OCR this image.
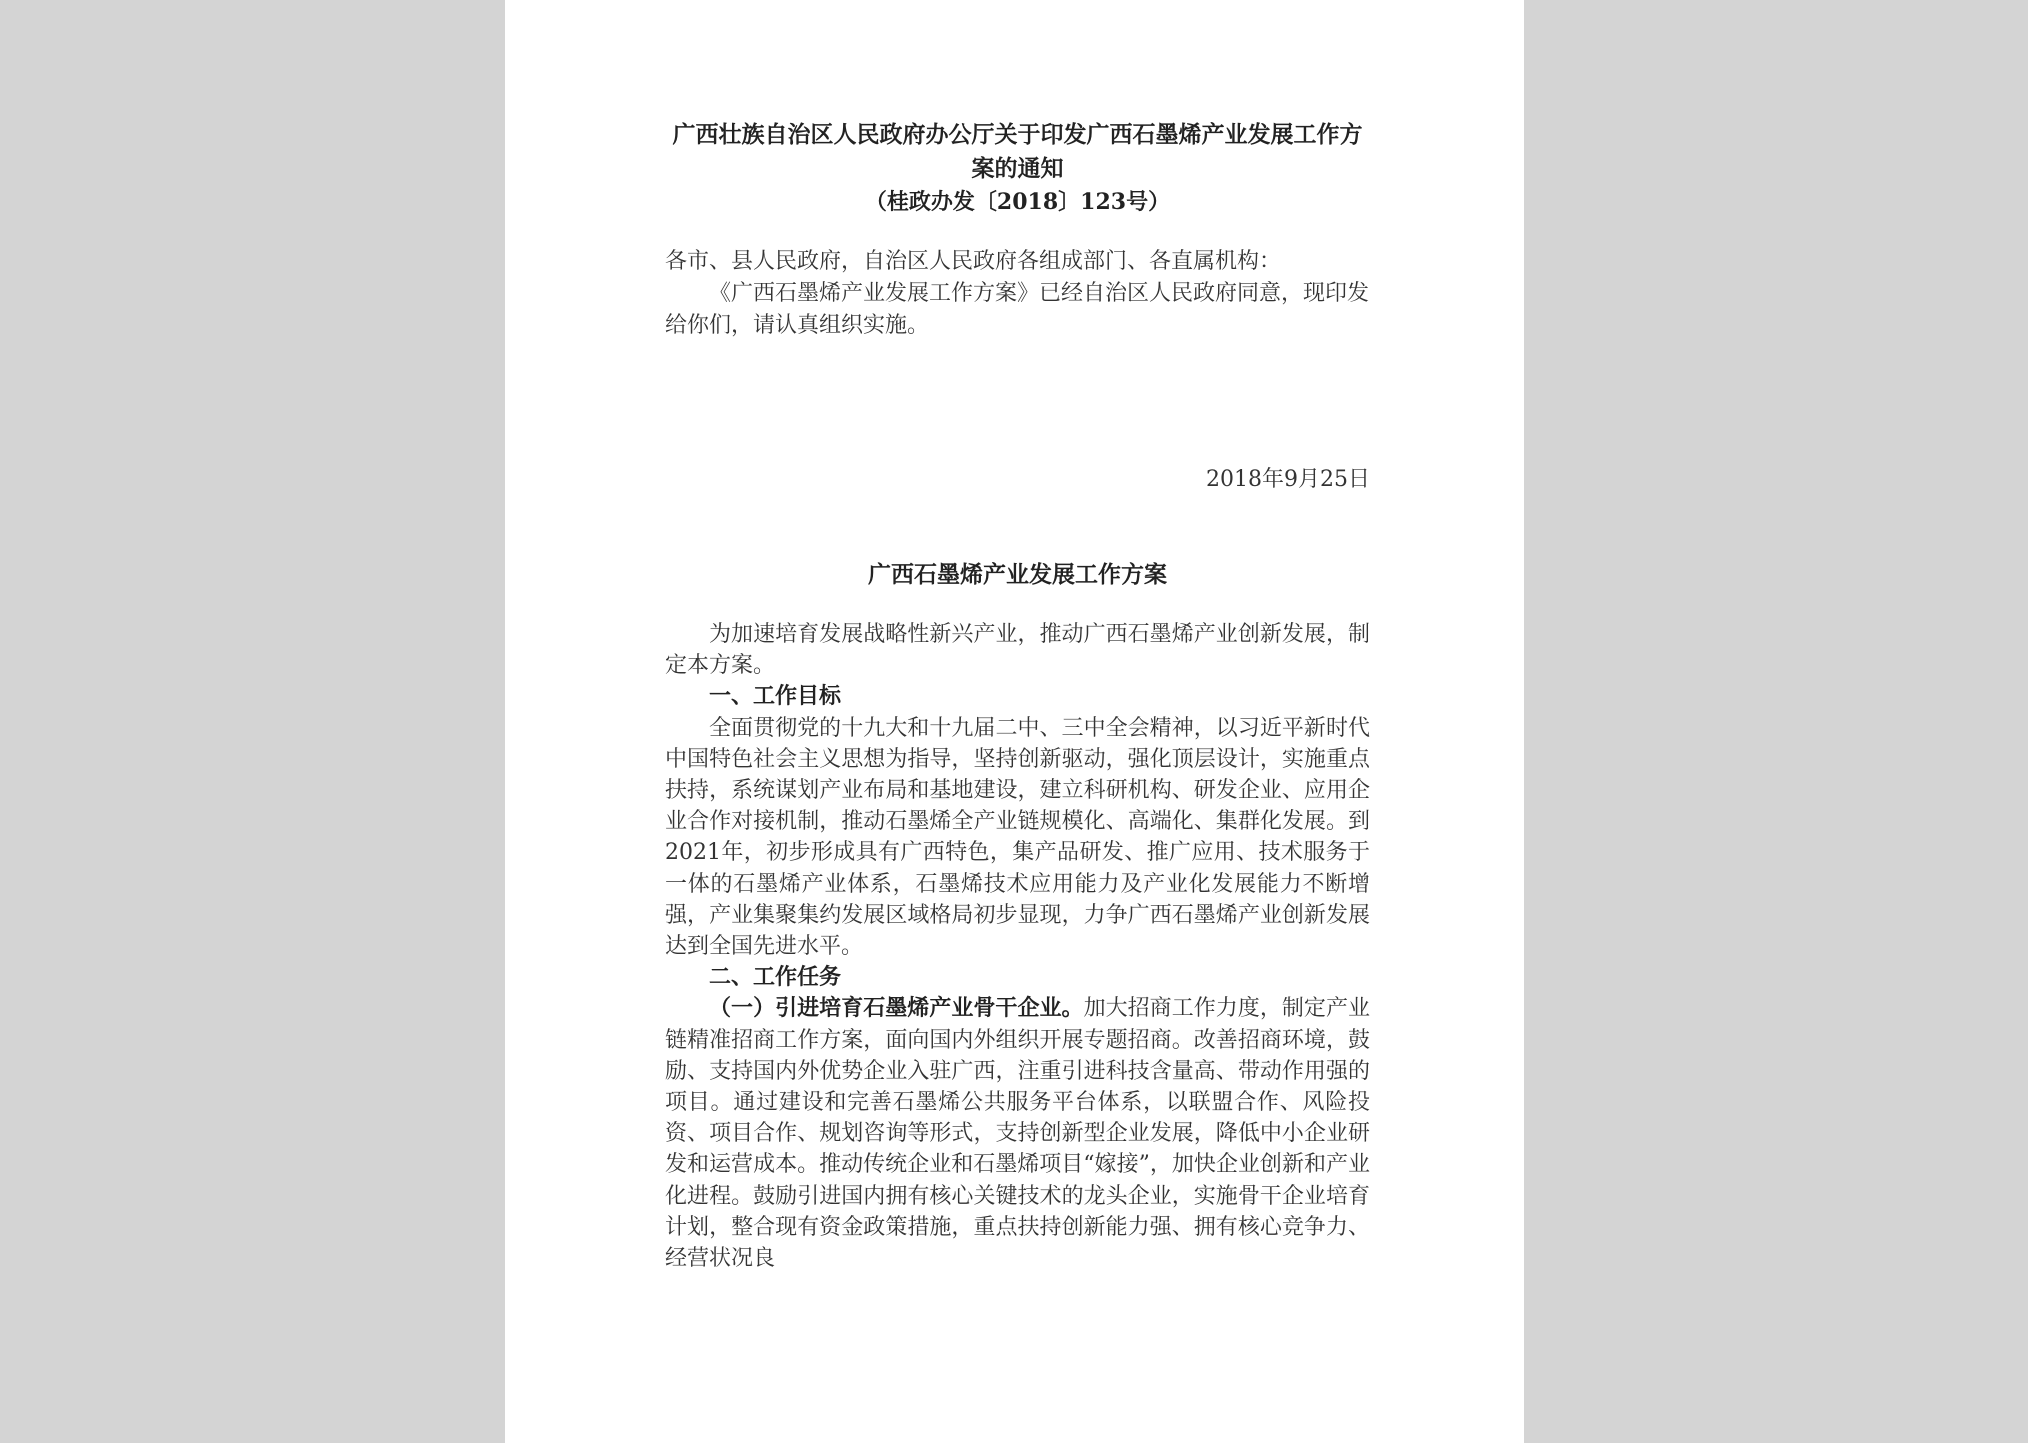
广西壮族自治区人民政府办公厅关于印发广西石墨烯产业发展工作方案的通知
（桂政办发〔2018〕123号）

各市、县人民政府，自治区人民政府各组成部门、各直属机构：

《广西石墨烯产业发展工作方案》已经自治区人民政府同意，现印发给你们，请认真组织实施。

2018年9月25日
广西石墨烯产业发展工作方案

为加速培育发展战略性新兴产业，推动广西石墨烯产业创新发展，制定本方案。

一、工作目标

全面贯彻党的十九大和十九届二中、三中全会精神，以习近平新时代中国特色社会主义思想为指导，坚持创新驱动，强化顶层设计，实施重点扶持，系统谋划产业布局和基地建设，建立科研机构、研发企业、应用企业合作对接机制，推动石墨烯全产业链规模化、高端化、集群化发展。到2021年，初步形成具有广西特色，集产品研发、推广应用、技术服务于一体的石墨烯产业体系，石墨烯技术应用能力及产业化发展能力不断增强，产业集聚集约发展区域格局初步显现，力争广西石墨烯产业创新发展达到全国先进水平。

二、工作任务

（一）引进培育石墨烯产业骨干企业。加大招商工作力度，制定产业链精准招商工作方案，面向国内外组织开展专题招商。改善招商环境，鼓励、支持国内外优势企业入驻广西，注重引进科技含量高、带动作用强的项目。通过建设和完善石墨烯公共服务平台体系，以联盟合作、风险投资、项目合作、规划咨询等形式，支持创新型企业发展，降低中小企业研发和运营成本。推动传统企业和石墨烯项目“嫁接”，加快企业创新和产业化进程。鼓励引进国内拥有核心关键技术的龙头企业，实施骨干企业培育计划，整合现有资金政策措施，重点扶持创新能力强、拥有核心竞争力、经营状况良
